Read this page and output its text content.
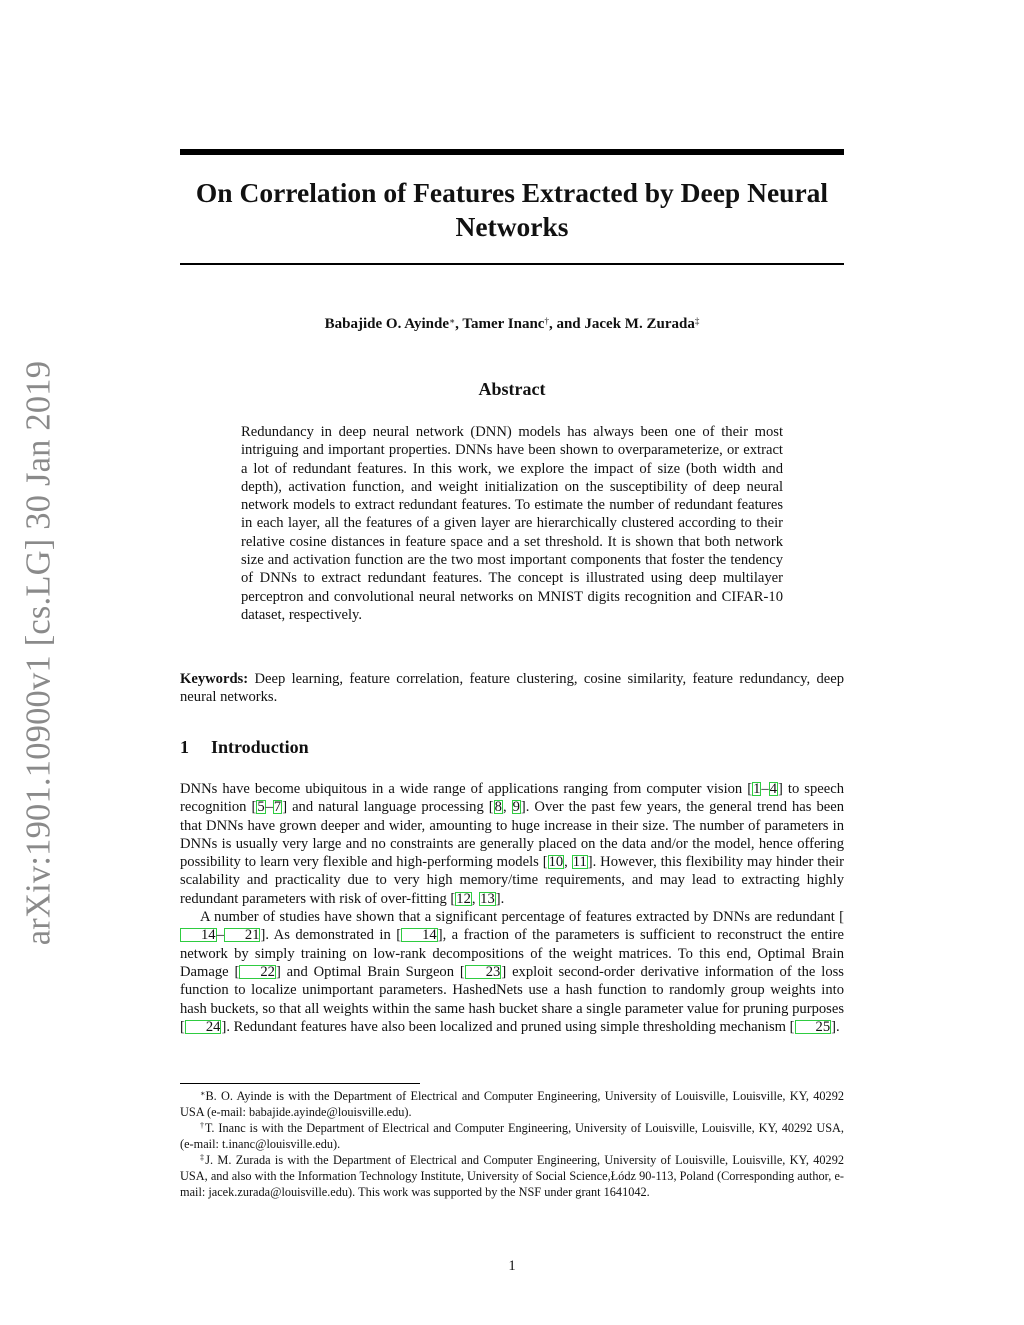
arXiv:1901.10900v1 [cs.LG] 30 Jan 2019
On Correlation of Features Extracted by Deep Neural Networks
Babajide O. Ayinde∗, Tamer Inanc†, and Jacek M. Zurada‡
Abstract
Redundancy in deep neural network (DNN) models has always been one of their most intriguing and important properties. DNNs have been shown to overparameterize, or extract a lot of redundant features. In this work, we explore the impact of size (both width and depth), activation function, and weight initialization on the susceptibility of deep neural network models to extract redundant features. To estimate the number of redundant features in each layer, all the features of a given layer are hierarchically clustered according to their relative cosine distances in feature space and a set threshold. It is shown that both network size and activation function are the two most important components that foster the tendency of DNNs to extract redundant features. The concept is illustrated using deep multilayer perceptron and convolutional neural networks on MNIST digits recognition and CIFAR-10 dataset, respectively.
Keywords: Deep learning, feature correlation, feature clustering, cosine similarity, feature redundancy, deep neural networks.
1 Introduction

DNNs have become ubiquitous in a wide range of applications ranging from computer vision [1–4] to speech recognition [5–7] and natural language processing [8, 9]. Over the past few years, the general trend has been that DNNs have grown deeper and wider, amounting to huge increase in their size. The number of parameters in DNNs is usually very large and no constraints are generally placed on the data and/or the model, hence offering possibility to learn very flexible and high-performing models [10, 11]. However, this flexibility may hinder their scalability and practicality due to very high memory/time requirements, and may lead to extracting highly redundant parameters with risk of over-fitting [12, 13].

A number of studies have shown that a significant percentage of features extracted by DNNs are redundant [14– 21]. As demonstrated in [ 14], a fraction of the parameters is sufficient to reconstruct the entire network by simply training on low-rank decompositions of the weight matrices. To this end, Optimal Brain Damage [ 22] and Optimal Brain Surgeon [ 23] exploit second-order derivative information of the loss function to localize unimportant parameters. HashedNets use a hash function to randomly group weights into hash buckets, so that all weights within the same hash bucket share a single parameter value for pruning purposes [ 24]. Redundant features have also been localized and pruned using simple thresholding mechanism [ 25].

∗B. O. Ayinde is with the Department of Electrical and Computer Engineering, University of Louisville, Louisville, KY, 40292 USA (e-mail: babajide.ayinde@louisville.edu).

†T. Inanc is with the Department of Electrical and Computer Engineering, University of Louisville, Louisville, KY, 40292 USA, (e-mail: t.inanc@louisville.edu).

‡J. M. Zurada is with the Department of Electrical and Computer Engineering, University of Louisville, Louisville, KY, 40292 USA, and also with the Information Technology Institute, University of Social Science,Łódz 90-113, Poland (Corresponding author, e-mail: jacek.zurada@louisville.edu). This work was supported by the NSF under grant 1641042.

1
